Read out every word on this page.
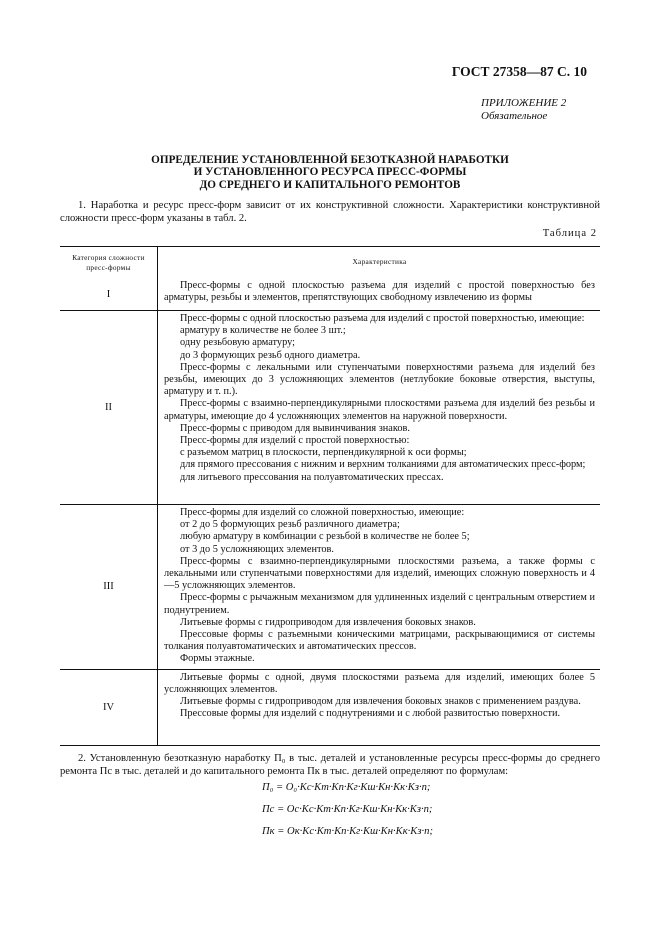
ГОСТ 27358—87 С. 10
ПРИЛОЖЕНИЕ 2
Обязательное
ОПРЕДЕЛЕНИЕ УСТАНОВЛЕННОЙ БЕЗОТКАЗНОЙ НАРАБОТКИ
И УСТАНОВЛЕННОГО РЕСУРСА ПРЕСС-ФОРМЫ
ДО СРЕДНЕГО И КАПИТАЛЬНОГО РЕМОНТОВ
1. Наработка и ресурс пресс-форм зависит от их конструктивной сложности. Характеристики конструктивной сложности пресс-форм указаны в табл. 2.
Таблица 2
Категория сложности
пресс-формы
Характеристика
I

Пресс-формы с одной плоскостью разъема для изделий с простой поверхностью без арматуры, резьбы и элементов, препятствующих свободному извлечению из формы

II

Пресс-формы с одной плоскостью разъема для изделий с простой поверхностью, имеющие:

арматуру в количестве не более 3 шт.;

одну резьбовую арматуру;

до 3 формующих резьб одного диаметра.

Пресс-формы с лекальными или ступенчатыми поверхностями разъема для изделий без резьбы, имеющих до 3 усложняющих элементов (нетлубокие боковые отверстия, выступы, арматуру и т. п.).

Пресс-формы с взаимно-перпендикулярными плоскостями разъема для изделий без резьбы и арматуры, имеющие до 4 усложняющих элементов на наружной поверхности.

Пресс-формы с приводом для вывинчивания знаков.

Пресс-формы для изделий с простой поверхностью:

с разъемом матриц в плоскости, перпендикулярной к оси формы;

для прямого прессования с нижним и верхним толканиями для автоматических пресс-форм;

для литьевого прессования на полуавтоматических прессах.

III

Пресс-формы для изделий со сложной поверхностью, имеющие:

от 2 до 5 формующих резьб различного диаметра;

любую арматуру в комбинации с резьбой в количестве не более 5;

от 3 до 5 усложняющих элементов.

Пресс-формы с взаимно-перпендикулярными плоскостями разъема, а также формы с лекальными или ступенчатыми поверхностями для изделий, имеющих сложную поверхность и 4—5 усложняющих элементов.

Пресс-формы с рычажным механизмом для удлиненных изделий с центральным отверстием и поднутрением.

Литьевые формы с гидроприводом для извлечения боковых знаков.

Прессовые формы с разъемными коническими матрицами, раскрывающимися от системы толкания полуавтоматических и автоматических прессов.

Формы этажные.

IV

Литьевые формы с одной, двумя плоскостями разъема для изделий, имеющих более 5 усложняющих элементов.

Литьевые формы с гидроприводом для извлечения боковых знаков с применением раздува.

Прессовые формы для изделий с поднутрениями и с любой развитостью поверхности.

2. Установленную безотказную наработку П₀ в тыс. деталей и установленные ресурсы пресс-формы до среднего ремонта Пс в тыс. деталей и до капитального ремонта Пк в тыс. деталей определяют по формулам:
П₀ = O₀·Kс·Kт·Kп·Kг·Kш·Kн·Kк·Kз·n;
Пс = Oс·Kс·Kт·Kп·Kг·Kш·Kн·Kк·Kз·n;
Пк = Oк·Kс·Kт·Kп·Kг·Kш·Kн·Kк·Kз·n;
